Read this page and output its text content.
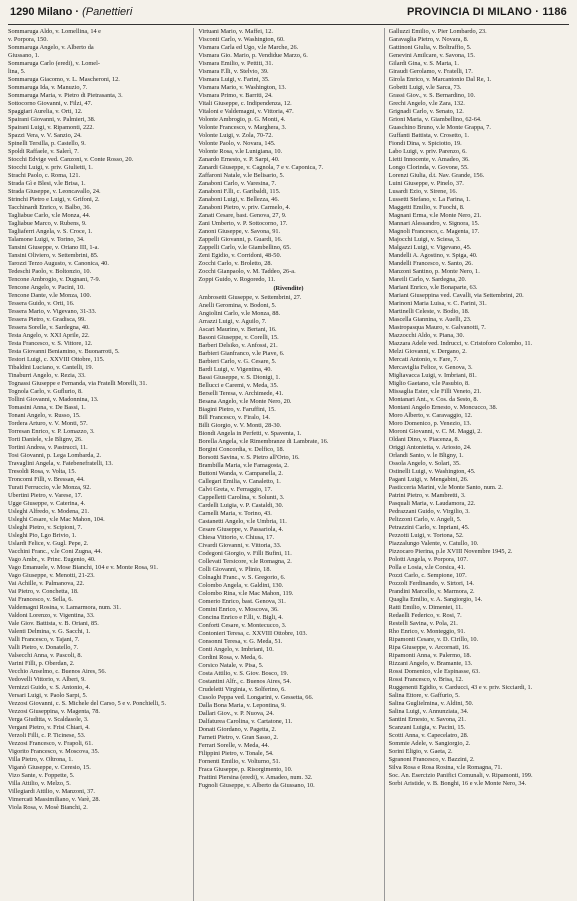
1290 Milano · (Panettieri	PROVINCIA DI MILANO · 1186
Sommaruga Aldo, v. Lomellina, 14 e
v. Porpora, 150.
Sommaruga Angelo, v. Alberto da
Giussano, 1.
Sommaruga Carlo (eredi), v. Lomel-
lina, 5.
Sommaruga Giacomo, v. L. Mascheroni, 12.
Sommaruga Ida, v. Manuzio, 7.
Sommaruga Maria, v. Pietro di Pietrasanta, 3.
Sottocorno Giovanni, v. Filzi, 47.
Spaggiari Aurelia, v. Orti, 12.
Spairani Giovanni, v. Palmieri, 38.
Spairani Luigi, v. Ripamonti, 222.
Spazzi Vera, v. V. Sanzio, 24.
Spinelli Tersilla, p. Castello, 9.
Spoldi Raffaele, v. Salerì, 7.
Stocchi Edvige ved. Canzoni, v. Conte Rosso, 20.
Stocchi Luigi, v. priv. Giulietti, 1.
Strachi Paolo, c. Roma, 121.
Strada Gì e Blesi, v.le Brisa, 1.
Strada Giuseppe, v. Leoncavallo, 24.
Strinchi Pietro e Luigi, v. Grifoni, 2.
Tacchinardi Enrico, v. Balbo, 36.
Tagliabue Carlo, v.le Monza, 44.
Tagliabue Marco, v. Rubens, 9.
Tagliaferri Angela, v. S. Croce, 1.
Talamone Luigi, v. Torino, 34.
Tansini Giuseppe, v. Oriano III, 1-a.
Tansini Oliviero, v. Settembrini, 85.
Tarozzi Terzo Augusto, v. Canonica, 40.
Tedeschi Paolo, v. Boltonzio, 10.
Tencone Ambrogio, v. Dugnani, 7-9.
Tencone Angelo, v. Pacini, 10.
Tencone Dante, v.le Monza, 100.
Tessera Guido, v. Orti, 16.
Tessera Mario, v. Vigevano, 31-33.
Tessera Pietro, v. Gradisca, 99.
Tessera Sorelle, v. Sardegna, 40.
Testa Angelo, v. XXI Aprile, 22.
Testa Francesco, v. S. Vittore, 12.
Testa Giovanni Beniamino, v. Buonarroti, 5.
Testori Luigi, c. XXVIII Ottobre, 115.
Tibaldini Luciano, v. Cantelli, 19.
Tinaburri Angelo, v. Rezia, 33.
Tognassi Giuseppe e Fernanda, via Fratelli Morelli, 31.
Tognola Carlo, v. Guflurio, 8.
Tollini Giovanni, v. Madonnina, 13.
Tomasini Anna, v. De Bassi, 1.
Tonani Angelo, v. Russo, 15.
Tordera Arturo, v. V. Monti, 57.
Torresan Enrico, v. P. Lomazzo, 3.
Torti Daniele, v.le Blignv, 26.
Tortini Andrea, v. Pastrucci, 11.
Tosi Giovanni, p. Lega Lombarda, 2.
Travaglini Angela, v. Fatebenefratelli, 13.
Tresoldi Rosa, v. Volta, 15.
Troncomi Filli, v. Bressan, 44.
Turati Ferruccio, v.le Monza, 92.
Ubertini Pietro, v. Varese, 17.
Ugge Giuseppe, v. Caterina, 4.
Usleghi Alfredo, v. Modena, 21.
Usleghi Cesare, v.le Mac Mahon, 104.
Usleghi Pietro, v. Scipioni, 7.
Usleghi Pio, Lgo Brivio, 1.
Uslardi Felice, v. Gugl. Pepe, 2.
Vacchini Franc., v.le Coni Zugna, 44.
Vago Ambr., v. Princ. Eugenio, 40.
Vago Emanuele, v. Mose Bianchi, 104 e v. Monte Rosa, 91.
Vago Giuseppe, v. Menotti, 21-23.
Vai Achille, v. Palmanova, 22.
Vai Pietro, v. Conchetta, 18.
Vai Francesco, v. Sella, 6.
Valdemagni Rosina, v. Lamarmora, num. 31.
Valdoni Lorenzo, v. Vigentina, 33.
Vale Giov. Battista, v. B. Oriani, 85.
Valenti Delmina, v. G. Sacchi, 1.
Valli Francesco, v. Tajani, 7.
Valli Pietro, v. Donatello, 7.
Valsecchi Anna, v. Pascoli, 8.
Varini Filli, p. Oberdan, 2.
Vecchio Anselmo, c. Buenos Aires, 56.
Vedovelli Vittorio, v. Alberi, 9.
Vernizzi Guido, v. S. Antonio, 4.
Versari Luigi, v. Paolo Sarpi, 5.
Vezzosi Giovanni, c. S. Michele del Carso, 5 e v. Ponchielli, 5.
Vezzosi Giuseppina, v. Magenta, 78.
Verga Giuditta, v. Scaldasole, 3.
Vergani Pietro, v. Frisi Chiari, 4.
Verzoli Filli, c. P. Ticinese, 53.
Vezzosi Francesco, v. Frapoli, 61.
Vigorito Francesco, v. Moscova, 35.
Villa Pietro, v. Oltrona, 1.
Viganò Giuseppe, v. Ceresio, 15.
Vizo Sante, v. Foppette, 5.
Villa Attilio, v. Melzo, 5.
Villegiardi Attilio, v. Manzoni, 37.
Vimercati Massimiliano, v. Varè, 28.
Viola Rosa, v. Mosè Bianchi, 2.
Virtuani Mario, v. Maffei, 12.
Visconti Carlo, v. Washington, 60.
Vismara Carla ed Ugo, v.le Marche, 26.
Vismara Gio. Mario, p. Vendidue Marzo, 6.
Vismara Emilio, v. Pettiti, 31.
Vismara F.lli, v. Stelvio, 39.
Vismara Luigi, v. Farini, 35.
Vismara Mario, v. Washington, 13.
Vismara Primo, v. Barriti, 24.
Vitali Giuseppe, c. Indipendenza, 12.
Vitaloni e Valdemagni, v. Vittoria, 47.
Volonte Ambrogio, p. G. Monti, 4.
Volonte Francesco, v. Marghera, 3.
Volonte Luigi, v. Zola, 70-72.
Volonte Paolo, v. Novara, 145.
Volonte Rosa, v.le Lunigiana, 10.
Zanardo Ernesto, v. P. Sarpi, 40.
Zanardi Giuseppe, v. Cagnola, 7 e v. Caponica, 7.
Zaffaroni Natale, v.le Belisario, 5.
Zanaboni Carlo, v. Varesina, 7.
Zanaboni F.lli, c. Garibaldi, 115.
Zanaboni Luigi, v. Bellezza, 46.
Zanaboni Pietro, v. priv. Carmelo, 4.
Zanati Cesare, bast. Genova, 27, 9.
Zani Umberto, v. P. Sottocorno, 17.
Zanoni Giuseppe, v. Savona, 91.
Zappelli Giovanni, p. Guardi, 16.
Zappelli Carlo, v.le Giambellino, 65.
Zeni Egidio, v. Corridoni, 48-50.
Zocchi Carlo, v. Broletto, 28.
Zocchi Gianpaolo, v. M. Taddeo, 26-a.
Zoppi Guido, v. Rogoredo, 11.
(Rivendite)
Ambrosetti Giuseppe, v. Settembrini, 27.
Anelli Geromina, v. Bodoni, 5.
Angiolini Carlo, v.le Monza, 88.
Arrazzi Luigi, v. Aguilo, 7.
Ascari Maurino, v. Bertani, 16.
Basoni Giuseppe, v. Corelli, 15.
Barberi Delsiko, v. Anfossi, 21.
Barbieri Gianfranco, v.le Piave, 6.
Barbieri Carlo, v. G. Cesare, 5.
Bardi Luigi, v. Vigentina, 40.
Bassi Giuseppe, v. S. Dionigi, 1.
Bellucci e Caremi, v. Meda, 35.
Berselli Teresa, v. Archimede, 41.
Besana Angelo, v.le Monte Nero, 20.
Biagini Pietro, v. Faruffini, 15.
Bill Francesco, v. Firalo, 14.
Billi Giorgio, v. V. Monti, 28-30.
Biondi Angela in Perfetti, v. Spaventa, 1.
Borella Angela, v.le Rimembranze di Lambrate, 16.
Borgini Concordia, v. Delfico, 18.
Borsotti Savina, v. S. Pietro all'Orto, 16.
Brambilla Maria, v.le Famagosta, 2.
Buttoni Wanda, v. Campanella, 2.
Callegari Emilia, v. Canaletto, 1.
Calvi Greta, v. Ferraggio, 17.
Cappelletti Carolina, v. Solunti, 3.
Cardelli Luigia, v. P. Castaldi, 30.
Carnelli Maria, v. Torino, 43.
Castanetti Angelo, v.le Umbria, 11.
Cesare Giuseppe, v. Passariola, 4.
Chiesa Vittorio, v. Chiusa, 17.
Civardi Giovanni, v. Vittoria, 33.
Codegoni Giorgio, v. Filli Bufini, 11.
Collevati Tersicore, v.le Romagna, 2.
Colli Giovanni, v. Plinio, 18.
Colnaghi Franc., v. S. Gregorio, 6.
Colombo Angela, v. Galdini, 130.
Colombo Rina, v.le Mac Mahon, 119.
Comerio Enrico, bast. Genova, 31.
Comini Enrico, v. Moscova, 36.
Concina Enrico e F.lli, v. Bigli, 4.
Conforti Cesare, v. Montecucco, 3.
Contonieri Teresa, c. XXVIII Ottobre, 103.
Consonni Teresa, v. G. Meda, 51.
Conti Angelo, v. Imbriani, 10.
Cordini Rosa, v. Meda, 6.
Corsico Natale, v. Pisa, 5.
Costa Attilio, v. S. Giov. Bosco, 19.
Costantini Alfr., c. Buenos Aires, 54.
Crudeletti Virginia, v. Solferino, 6.
Cusolo Peppa ved. Longarini, v. Gessetta, 66.
Dalla Bona Maria, v. Lepontina, 9.
Dallari Giov., v. P. Nuova, 24.
Dalfaturea Carolina, v. Cartatone, 11.
Donati Giordano, v. Pagetta, 2.
Farneti Pietro, v. Gran Sasso, 2.
Ferrari Sorelle, v. Meda, 44.
Filippini Pietro, v. Tonale, 54.
Fornenti Emilio, v. Volturno, 51.
Fraca Giuseppe, p. Risorgimento, 10.
Frattini Piersina (eredi), v. Amadeo, num. 32.
Fugnoli Giuseppe, v. Alberto da Giussano, 10.
Galluzzi Emilio, v. Pier Lombardo, 23.
Garavaglia Pietro, v. Novara, 8.
Gattinoni Giulia, v. Boltraffio, 5.
Genevini Amilcare, v. Savona, 15.
Gilardi Gina, v. S. Marta, 1.
Giraudi Gerolamo, v. Fratelli, 17.
Girola Enrico, v. Marcantonio Dal Re, 1.
Gobetti Luigi, v.le Sarca, 73.
Grassi Giov., v. S. Bernardino, 10.
Grechi Angelo, v.le Zara, 132.
Grignadi Carlo, v. Senato, 12.
Grioni Maria, v. Giambellino, 62-64.
Guaschino Bruno, v.le Monte Grappa, 7.
Guffanti Battista, v. Crosetto, 1.
Fiondi Dina, v. Spiciotto, 19.
Labo Luigi, v. priv. Parenzo, 6.
Lietti Innocente, v. Amadeo, 36.
Longo Clorinda, v. Govone, 55.
Lorenzi Giulia, d.t. Nav. Grande, 156.
Luini Giuseppe, v. Pinelo, 37.
Lusardi Ezio, v. Sirene, 16.
Lussetti Stefano, v. La Farina, 1.
Maggetti Emilio, v. Fuochi, 8.
Magnani Erma, v.le Monte Nero, 21.
Mannari Alessandro, v. Signora, 15.
Magnoli Francesco, c. Magenta, 17.
Majocchi Luigi, v. Sciesa, 3.
Malgazzi Luigi, v. Vigevano, 45.
Mandelli A. Agostino, v. Spiga, 40.
Mandelli Francesco, v. Santo, 26.
Manzoni Santino, p. Monte Nero, 1.
Mareili Carlo, v. Sardegna, 20.
Mariani Enrico, v.le Bonaparte, 63.
Mariani Giuseppina ved. Cavalli, via Settembrini, 20.
Marinoni Maria Luisa, v. C. Farini, 31.
Martinelli Celeste, v. Bodio, 18.
Mascella Giannina, v. Auelli, 23.
Mastropasqua Mauro, v. Galvanotti, 7.
Mazzocchi Aldo, v. Piana, 30.
Mazzara Adele ved. Indrucci, v. Cristoforo Colombo, 11.
Melzi Giovanni, v. Dergano, 2.
Mercati Antonio, v. Fare, 7.
Mercaviglia Felice, v. Genova, 3.
Migliavacca Luigi, v. Imbriani, 81.
Miglio Gaetano, v.le Pasubio, 8.
Missaglia Ester, v.le Filli Veneto, 21.
Montanari Ant., v. Cos. da Sesto, 8.
Montani Angelo Ernesto, v. Moncucco, 38.
Moro Alberto, v. Caravaggio, 12.
Moro Domenico, p. Venezio, 13.
Moroni Giovanni, v. C. M. Maggi, 2.
Oldani Dino, v. Piacenza, 8.
Origgi Antonietta, v. Ariosto, 24.
Orlandi Santo, v. le Bligny, 1.
Ossola Angelo, v. Solari, 35.
Ostinelli Luigi, v. Washington, 45.
Pagani Luigi, v. Mengabini, 26.
Pasticceria Marini, v.le Monte Santo, num. 2.
Patrini Pietro, v. Mambretti, 3.
Pasquali Maria, v. Laudamora, 22.
Pedrazzani Guido, v. Virgilio, 3.
Pelizzoni Carlo, v. Angeli, 5.
Petrazzini Carlo, v. Inpriani, 45.
Pezzotti Luigi, v. Tortona, 52.
Piazzalungo Valente, v. Catullo, 10.
Pizzocaro Pierina, p.le XVIII Novembre 1945, 2.
Polotti Angela, v. Porpora, 107.
Polla e Losia, v.le Corsica, 41.
Pozzi Carlo, c. Sempione, 107.
Pozzoli Ferdinando, v. Sirtori, 14.
Prandini Marcello, v. Marmora, 2.
Quaglia Emilio, v. A. Sangiorgio, 14.
Ratti Emilio, v. Dimentei, 11.
Redaelli Federico, v. Rosi, 7.
Restelli Savina, v. Pola, 21.
Rho Enrico, v. Monteggio, 91.
Ripamonti Cesare, v. D. Cirillo, 10.
Ripa Giuseppe, v. Arcornati, 16.
Ripamonti Anna, v. Palermo, 18.
Rizzani Angelo, v. Bramante, 13.
Rossi Domenico, v.le Espinasse, 63.
Rossi Francesco, v. Brisa, 12.
Ruggenenti Egidio, v. Carducci, 43 e v. priv. Sicciardi, 1.
Salina Ettore, v. Gaffurio, 5.
Salina Guglielmina, v. Aldini, 50.
Salina Luigi, v. Annunziata, 34.
Santini Ernesto, v. Savona, 21.
Scanzani Luigia, v. Pacini, 15.
Scotti Anna, v. Capecelatro, 28.
Sommie Adele, v. Sangiorgio, 2.
Sorini Eligio, v. Gaeta, 2.
Sgranoni Francesco, v. Bazzini, 2.
Silva Rosa e Rosa Rosina, v.le Romagna, 71.
Soc. An. Esercizio Panifici Comunali, v. Ripamonti, 199.
Sorbi Aristide, v. B. Bonghi, 16 e v.le Monte Nero, 34.
